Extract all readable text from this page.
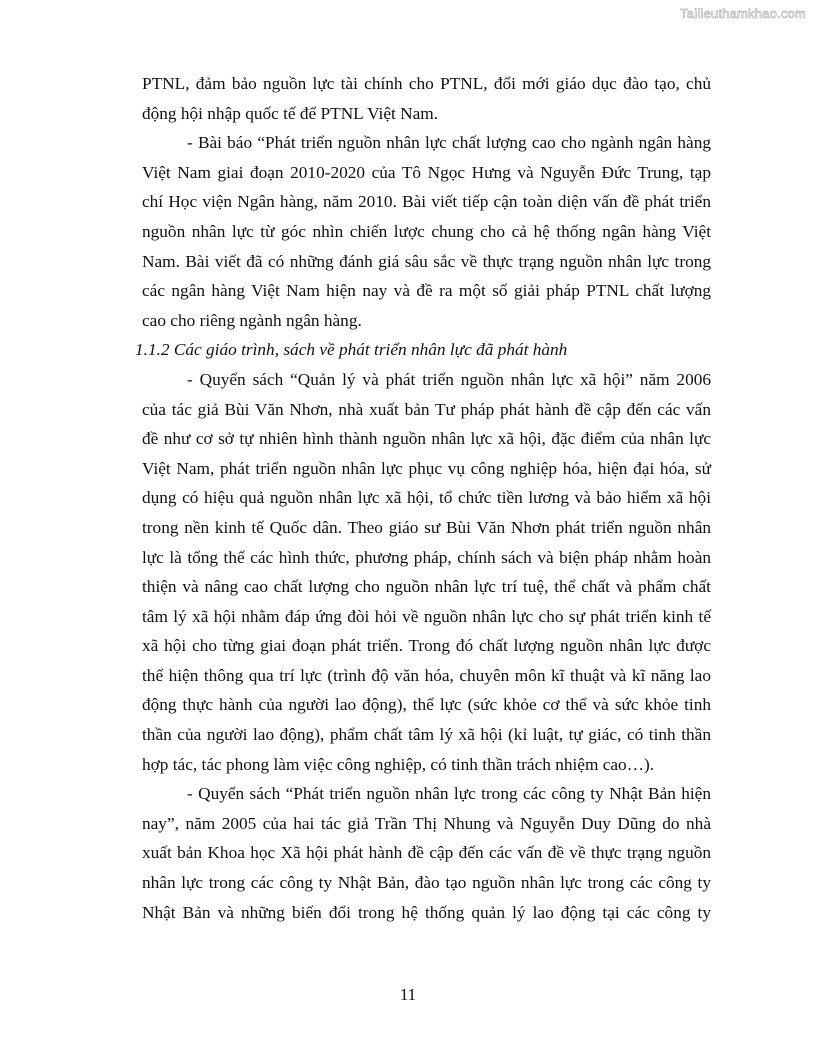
Tailieuthamkhao.com
PTNL, đảm bảo nguồn lực tài chính cho PTNL, đổi mới giáo dục đào tạo, chủ
động hội nhập quốc tế để PTNL Việt Nam.
- Bài báo “Phát triển nguồn nhân lực chất lượng cao cho ngành ngân hàng
Việt Nam giai đoạn 2010-2020 của Tô Ngọc Hưng và Nguyễn Đức Trung, tạp
chí Học viện Ngân hàng, năm 2010. Bài viết tiếp cận toàn diện vấn đề phát triển
nguồn nhân lực từ góc nhìn chiến lược chung cho cả hệ thống ngân hàng Việt
Nam. Bài viết đã có những đánh giá sâu sắc về thực trạng nguồn nhân lực trong
các ngân hàng Việt Nam hiện nay và đề ra một số giải pháp PTNL chất lượng
cao cho riêng ngành ngân hàng.
1.1.2 Các giáo trình, sách về phát triển nhân lực đã phát hành
- Quyển sách “Quản lý và phát triển nguồn nhân lực xã hội” năm 2006
của tác giả Bùi Văn Nhơn, nhà xuất bản Tư pháp phát hành đề cập đến các vấn
đề như cơ sở tự nhiên hình thành nguồn nhân lực xã hội, đặc điểm của nhân lực
Việt Nam, phát triển nguồn nhân lực phục vụ công nghiệp hóa, hiện đại hóa, sử
dụng có hiệu quả nguồn nhân lực xã hội, tổ chức tiền lương và bảo hiểm xã hội
trong nền kinh tế Quốc dân. Theo giáo sư Bùi Văn Nhơn phát triển nguồn nhân
lực là tổng thể các hình thức, phương pháp, chính sách và biện pháp nhằm hoàn
thiện và nâng cao chất lượng cho nguồn nhân lực trí tuệ, thể chất và phẩm chất
tâm lý xã hội nhằm đáp ứng đòi hỏi về nguồn nhân lực cho sự phát triển kinh tế
xã hội cho từng giai đoạn phát triển. Trong đó chất lượng nguồn nhân lực được
thể hiện thông qua trí lực (trình độ văn hóa, chuyên môn kĩ thuật và kĩ năng lao
động thực hành của người lao động), thể lực (sức khỏe cơ thể và sức khỏe tinh
thần của người lao động), phẩm chất tâm lý xã hội (kỉ luật, tự giác, có tinh thần
hợp tác, tác phong làm việc công nghiệp, có tinh thần trách nhiệm cao…).
- Quyển sách “Phát triển nguồn nhân lực trong các công ty Nhật Bản hiện
nay”, năm 2005 của hai tác giả Trần Thị Nhung và Nguyễn Duy Dũng do nhà
xuất bản Khoa học Xã hội phát hành đề cập đến các vấn đề về thực trạng nguồn
nhân lực trong các công ty Nhật Bản, đào tạo nguồn nhân lực trong các công ty
Nhật Bản và những biến đổi trong hệ thống quản lý lao động tại các công ty
11
